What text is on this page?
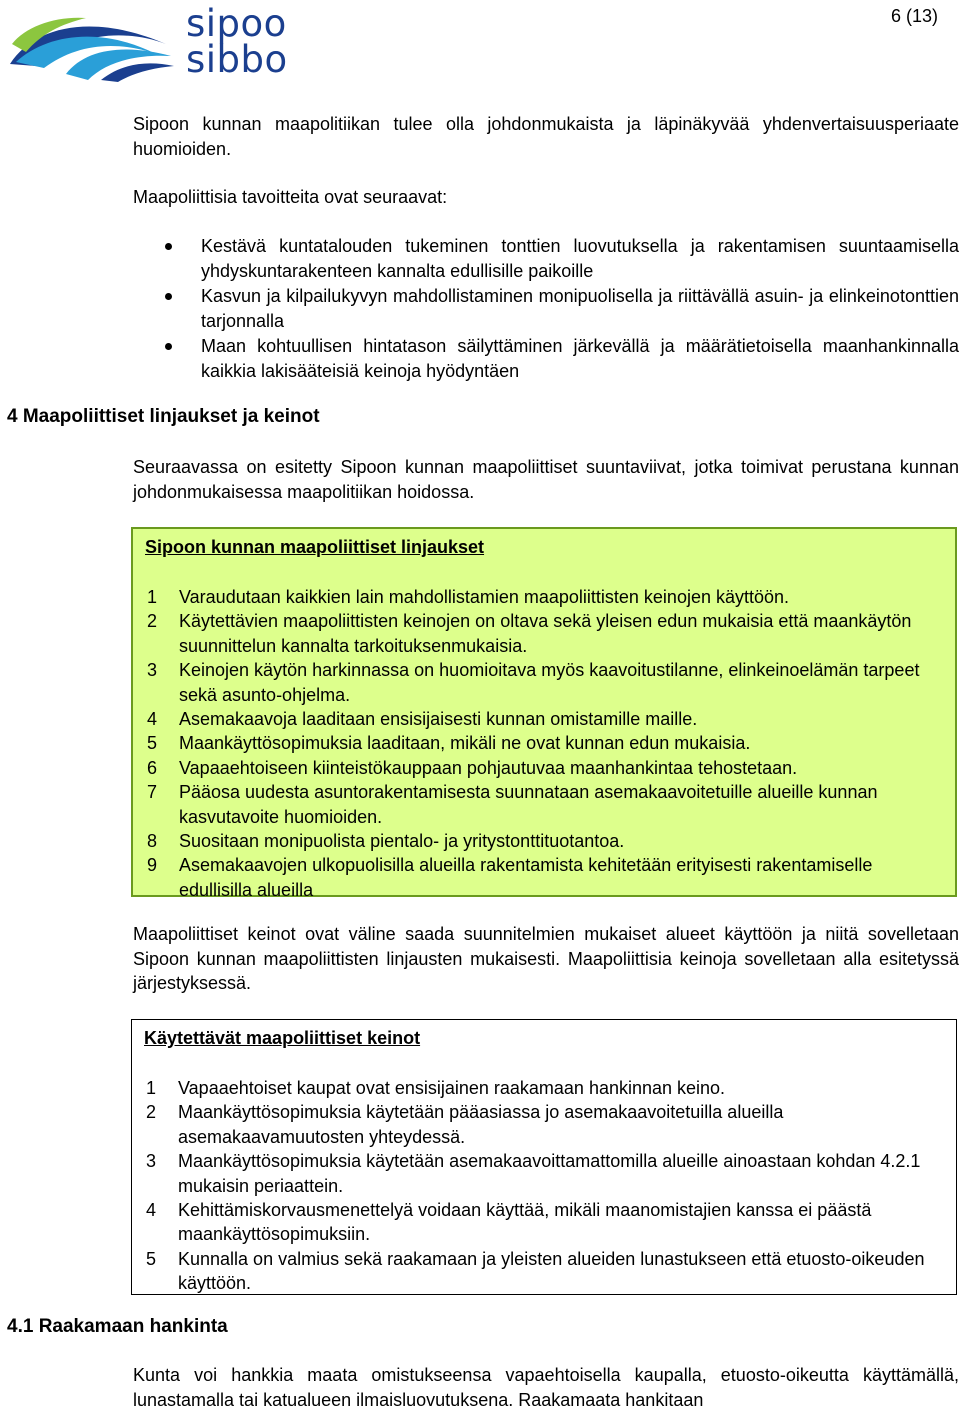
sipoo
sibbo
6 (13)
Sipoon kunnan maapolitiikan tulee olla johdonmukaista ja läpinäkyvää yhdenvertaisuusperiaate huomioiden.
Maapoliittisia tavoitteita ovat seuraavat:
Kestävä kuntatalouden tukeminen tonttien luovutuksella ja rakentamisen suuntaamisella yhdyskuntarakenteen kannalta edullisille paikoille
Kasvun ja kilpailukyvyn mahdollistaminen monipuolisella ja riittävällä asuin- ja elinkeinotonttien tarjonnalla
Maan kohtuullisen hintatason säilyttäminen järkevällä ja määrätietoisella maanhankinnalla kaikkia lakisääteisiä keinoja hyödyntäen
4 Maapoliittiset linjaukset ja keinot
Seuraavassa on esitetty Sipoon kunnan maapoliittiset suuntaviivat, jotka toimivat perustana kunnan johdonmukaisessa maapolitiikan hoidossa.
Sipoon kunnan maapoliittiset linjaukset
1 Varaudutaan kaikkien lain mahdollistamien maapoliittisten keinojen käyttöön.
2 Käytettävien maapoliittisten keinojen on oltava sekä yleisen edun mukaisia että maankäytön suunnittelun kannalta tarkoituksenmukaisia.
3 Keinojen käytön harkinnassa on huomioitava myös kaavoitustilanne, elinkeinoelämän tarpeet sekä asunto-ohjelma.
4 Asemakaavoja laaditaan ensisijaisesti kunnan omistamille maille.
5 Maankäyttösopimuksia laaditaan, mikäli ne ovat kunnan edun mukaisia.
6 Vapaaehtoiseen kiinteistökauppaan pohjautuvaa maanhankintaa tehostetaan.
7 Pääosa uudesta asuntorakentamisesta suunnataan asemakaavoitetuille alueille kunnan kasvutavoite huomioiden.
8 Suositaan monipuolista pientalo- ja yritystonttituotantoa.
9 Asemakaavojen ulkopuolisilla alueilla rakentamista kehitetään erityisesti rakentamiselle edullisilla alueilla
Maapoliittiset keinot ovat väline saada suunnitelmien mukaiset alueet käyttöön ja niitä sovelletaan Sipoon kunnan maapoliittisten linjausten mukaisesti. Maapoliittisia keinoja sovelletaan alla esitetyssä järjestyksessä.
Käytettävät maapoliittiset keinot
1 Vapaaehtoiset kaupat ovat ensisijainen raakamaan hankinnan keino.
2 Maankäyttösopimuksia käytetään pääasiassa jo asemakaavoitetuilla alueilla asemakaavamuutosten yhteydessä.
3 Maankäyttösopimuksia käytetään asemakaavoittamattomilla alueille ainoastaan kohdan 4.2.1 mukaisin periaattein.
4 Kehittämiskorvausmenettelyä voidaan käyttää, mikäli maanomistajien kanssa ei päästä maankäyttösopimuksiin.
5 Kunnalla on valmius sekä raakamaan ja yleisten alueiden lunastukseen että etuosto-oikeuden käyttöön.
4.1 Raakamaan hankinta
Kunta voi hankkia maata omistukseensa vapaehtoisella kaupalla, etuosto-oikeutta käyttämällä, lunastamalla tai katualueen ilmaisluovutuksena. Raakamaata hankitaan
